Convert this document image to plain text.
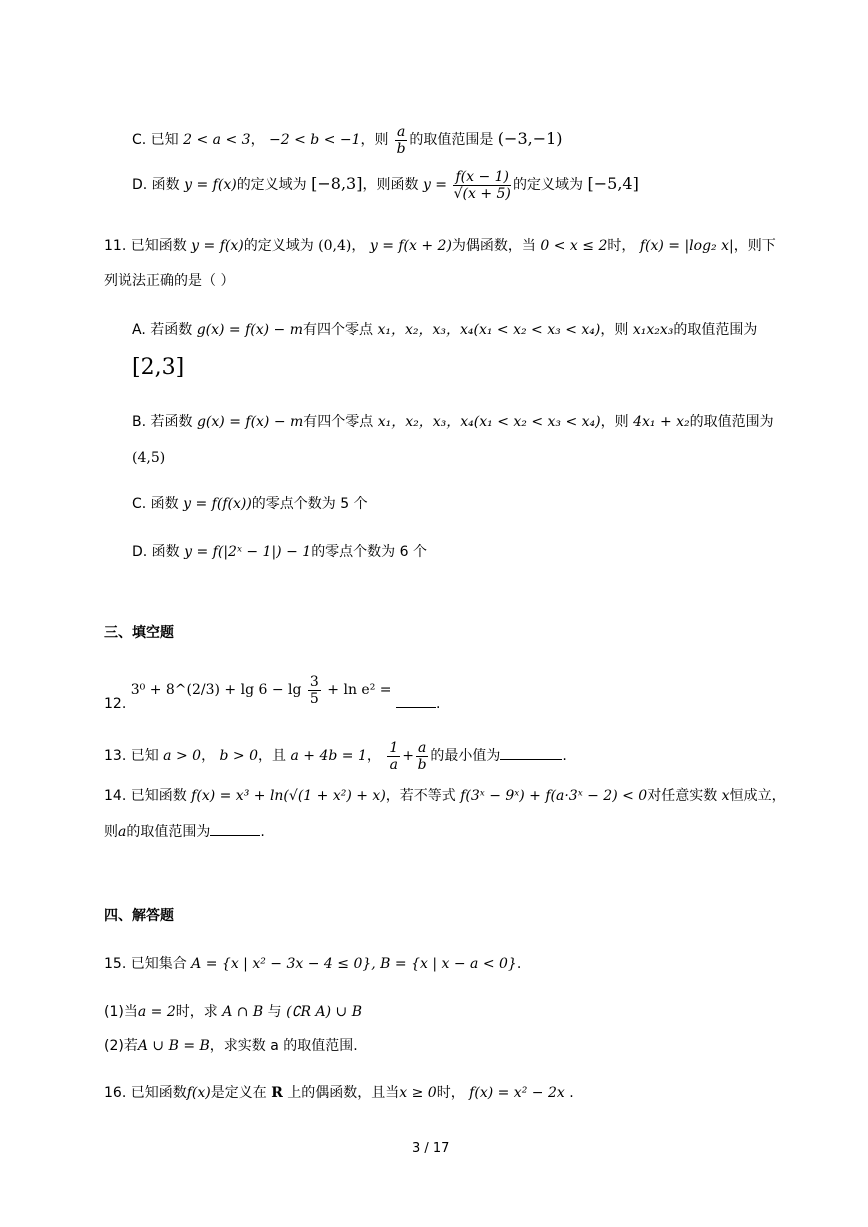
C. 已知 2 < a < 3， −2 < b < −1，则 $\frac{a}{b}$ 的取值范围是 (−3,−1)
D. 函数 y = f(x)的定义域为 [−8,3]，则函数 $y = \frac{f(x - 1)}{√(x + 5)}$ 的定义域为 [−5,4]
11. 已知函数 y = f(x)的定义域为 (0,4)， y = f(x + 2)为偶函数，当 0 < x ≤ 2时， f(x) = |log₂ x|，则下
列说法正确的是（ ）
A. 若函数 g(x) = f(x) − m有四个零点 x₁，x₂，x₃，x₄(x₁ < x₂ < x₃ < x₄)，则 x₁x₂x₃的取值范围为
[2,3]
B. 若函数 g(x) = f(x) − m有四个零点 x₁，x₂，x₃，x₄(x₁ < x₂ < x₃ < x₄)，则 4x₁ + x₂的取值范围为
(4,5)
C. 函数 y = f(f(x))的零点个数为 5 个
D. 函数 y = f(|2ˣ − 1|) − 1的零点个数为 6 个
三、填空题
12. 3⁰ + 8^(2/3) + $\lg 6 - \lg \frac{3}{5} + \ln e^2$ = .
13. 已知 a > 0， b > 0，且 a + 4b = 1， $\frac{1}{a} + \frac{a}{b}$ 的最小值为	.
14. 已知函数 f(x) = x³ + ln(√(1 + x²) + x)，若不等式 f(3ˣ − 9ˣ) + f(a·3ˣ − 2) < 0对任意实数 x恒成立，
则a的取值范围为	.
四、解答题
15. 已知集合 A = {x | x² − 3x − 4 ≤ 0}, B = {x | x − a < 0}.
(1)当a = 2时，求 A ∩ B 与 (∁R A) ∪ B
(2)若A ∪ B = B，求实数 a 的取值范围.
16. 已知函数f(x)是定义在 R 上的偶函数，且当x ≥ 0时， f(x) = x² − 2x .
3 / 17
